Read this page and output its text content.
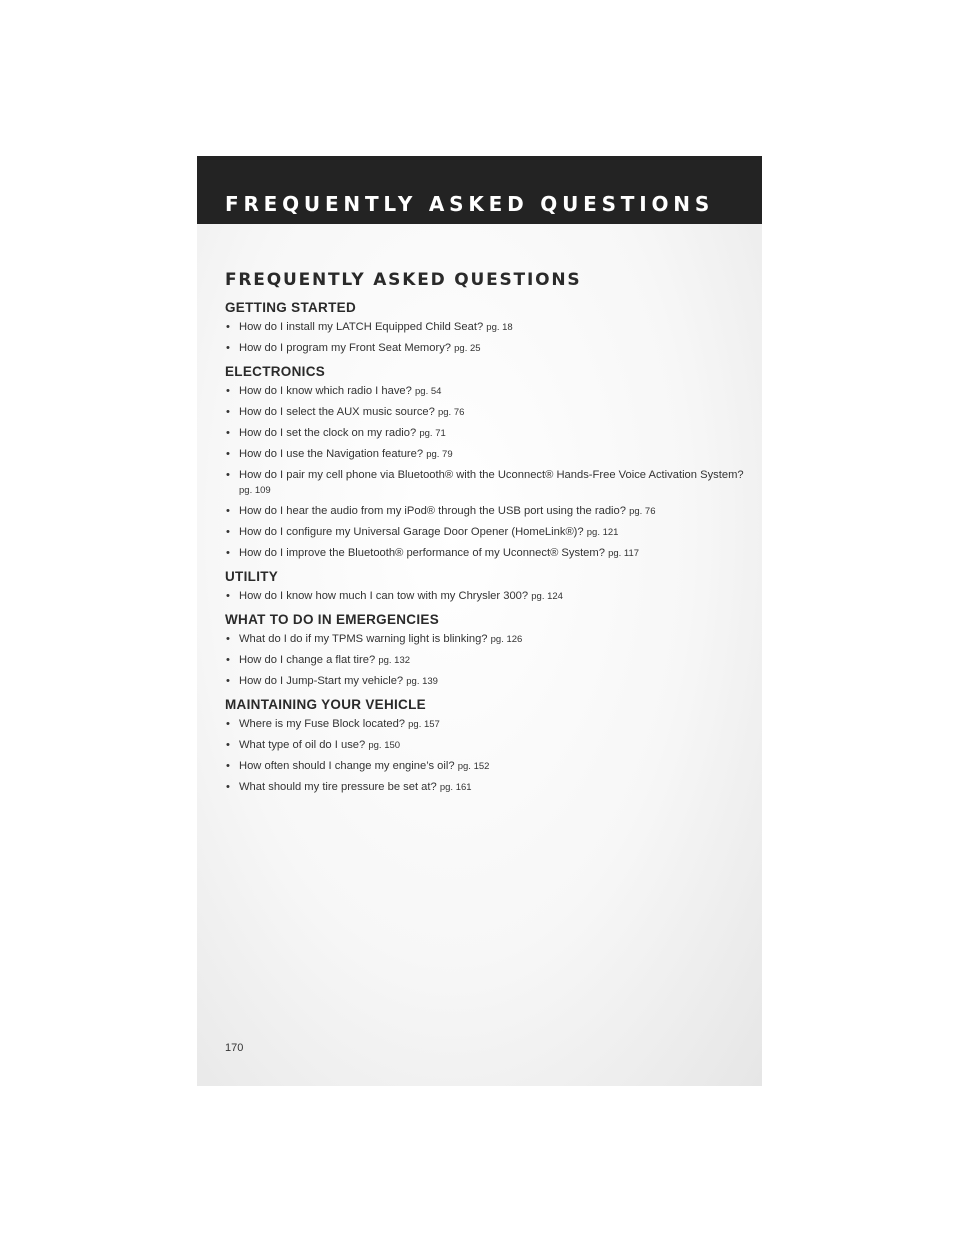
FREQUENTLY ASKED QUESTIONS
FREQUENTLY ASKED QUESTIONS
GETTING STARTED
• How do I install my LATCH Equipped Child Seat? pg. 18
• How do I program my Front Seat Memory? pg. 25
ELECTRONICS
• How do I know which radio I have? pg. 54
• How do I select the AUX music source? pg. 76
• How do I set the clock on my radio? pg. 71
• How do I use the Navigation feature? pg. 79
• How do I pair my cell phone via Bluetooth® with the Uconnect® Hands-Free Voice Activation System? pg. 109
• How do I hear the audio from my iPod® through the USB port using the radio? pg. 76
• How do I configure my Universal Garage Door Opener (HomeLink®)? pg. 121
• How do I improve the Bluetooth® performance of my Uconnect® System? pg. 117
UTILITY
• How do I know how much I can tow with my Chrysler 300? pg. 124
WHAT TO DO IN EMERGENCIES
• What do I do if my TPMS warning light is blinking? pg. 126
• How do I change a flat tire? pg. 132
• How do I Jump-Start my vehicle? pg. 139
MAINTAINING YOUR VEHICLE
• Where is my Fuse Block located? pg. 157
• What type of oil do I use? pg. 150
• How often should I change my engine’s oil? pg. 152
• What should my tire pressure be set at? pg. 161

170
